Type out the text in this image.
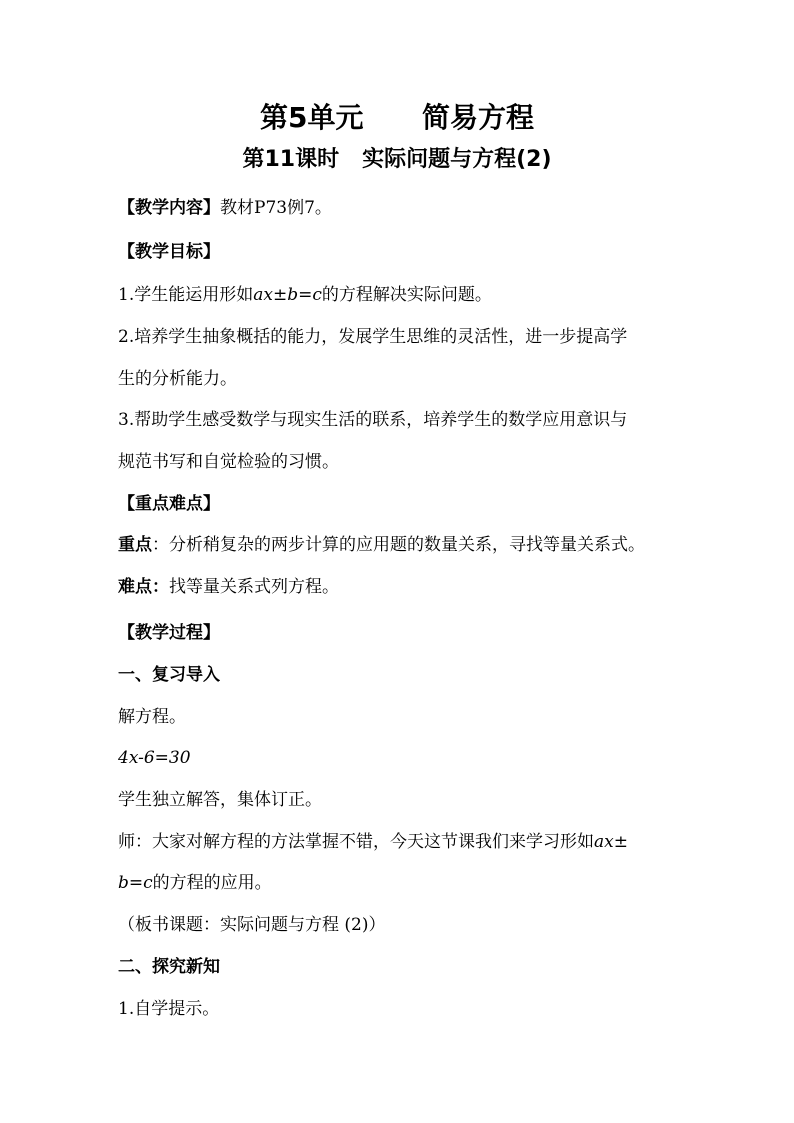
第5单元      简易方程
第11课时   实际问题与方程(2)
【教学内容】教材P73例7。
【教学目标】
1.学生能运用形如ax±b=c的方程解决实际问题。
2.培养学生抽象概括的能力，发展学生思维的灵活性，进一步提高学
生的分析能力。
3.帮助学生感受数学与现实生活的联系，培养学生的数学应用意识与
规范书写和自觉检验的习惯。
【重点难点】
重点：分析稍复杂的两步计算的应用题的数量关系，寻找等量关系式。
难点：找等量关系式列方程。
【教学过程】
一、复习导入
解方程。
4x-6=30
学生独立解答，集体订正。
师：大家对解方程的方法掌握不错，今天这节课我们来学习形如ax±
b=c的方程的应用。
（板书课题：实际问题与方程 (2)）
二、探究新知
1.自学提示。
